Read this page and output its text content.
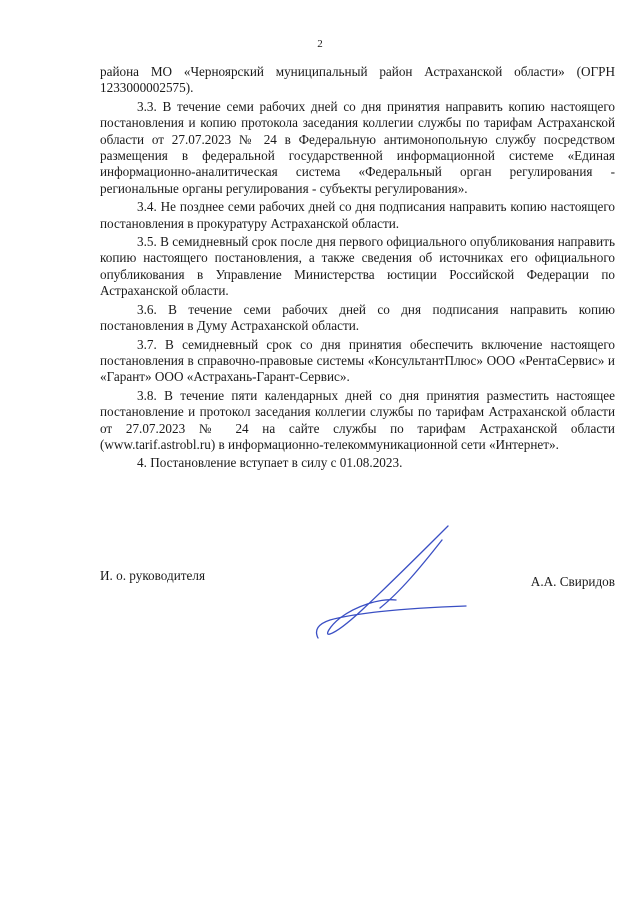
2

района МО «Черноярский муниципальный район Астраханской области» (ОГРН 1233000002575).

3.3. В течение семи рабочих дней со дня принятия направить копию настоящего постановления и копию протокола заседания коллегии службы по тарифам Астраханской области от 27.07.2023 № 24 в Федеральную антимонопольную службу посредством размещения в федеральной государственной информационной системе «Единая информационно-аналитическая система «Федеральный орган регулирования - региональные органы регулирования - субъекты регулирования».

3.4. Не позднее семи рабочих дней со дня подписания направить копию настоящего постановления в прокуратуру Астраханской области.

3.5. В семидневный срок после дня первого официального опубликования направить копию настоящего постановления, а также сведения об источниках его официального опубликования в Управление Министерства юстиции Российской Федерации по Астраханской области.

3.6. В течение семи рабочих дней со дня подписания направить копию постановления в Думу Астраханской области.

3.7. В семидневный срок со дня принятия обеспечить включение настоящего постановления в справочно-правовые системы «КонсультантПлюс» ООО «РентаСервис» и «Гарант» ООО «Астрахань-Гарант-Сервис».

3.8. В течение пяти календарных дней со дня принятия разместить настоящее постановление и протокол заседания коллегии службы по тарифам Астраханской области от 27.07.2023 № 24 на сайте службы по тарифам Астраханской области (www.tarif.astrobl.ru) в информационно-телекоммуникационной сети «Интернет».

4. Постановление вступает в силу с 01.08.2023.

И. о. руководителя	А.А. Свиридов
